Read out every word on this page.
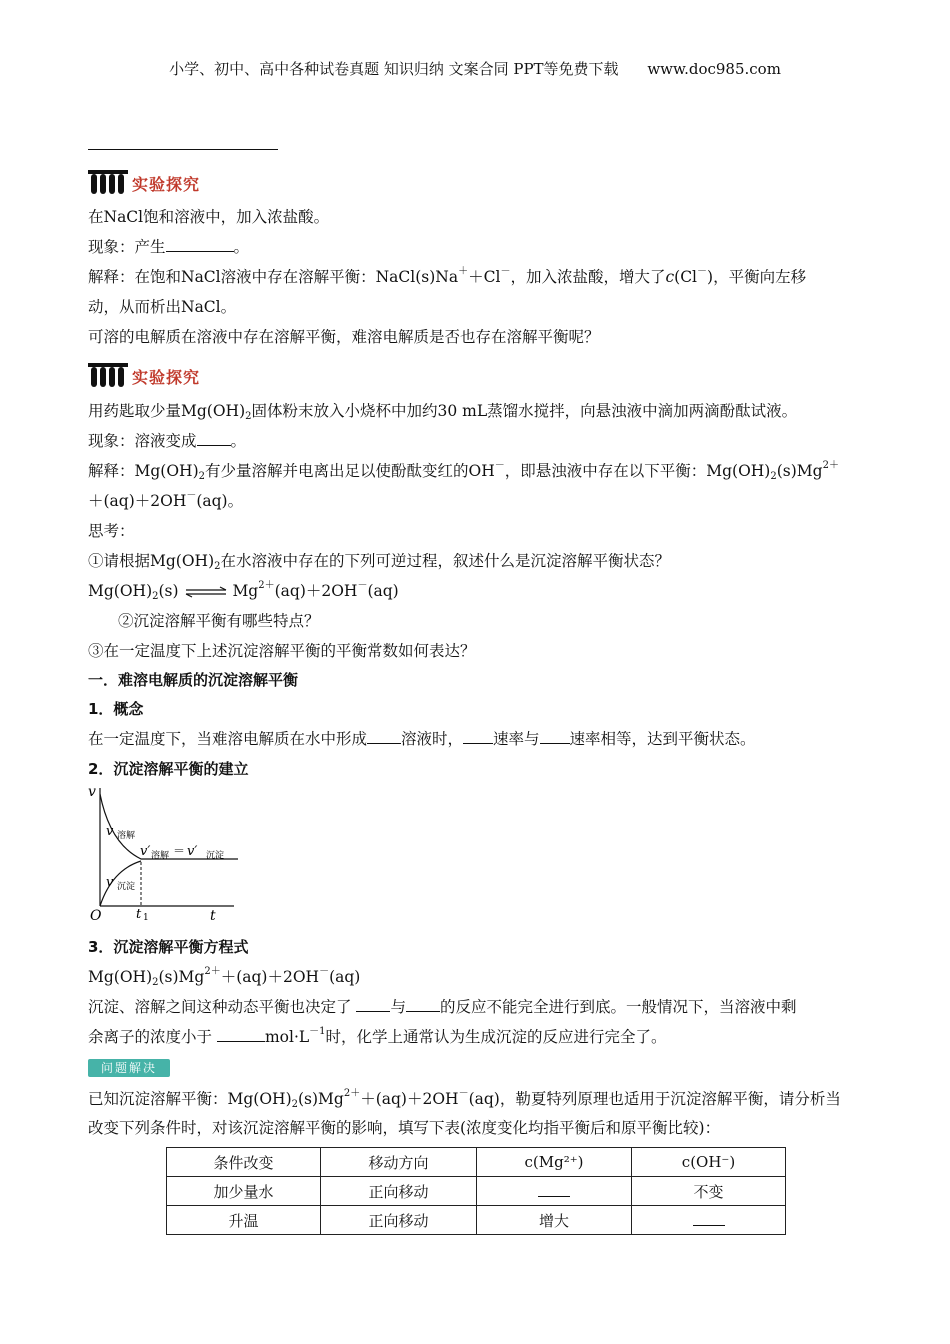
小学、初中、高中各种试卷真题 知识归纳 文案合同 PPT等免费下载 www.doc985.com
实验探究
在NaCl饱和溶液中，加入浓盐酸。
现象：产生	。
解释：在饱和NaCl溶液中存在溶解平衡：NaCl(s)Na＋＋Cl－，加入浓盐酸，增大了c(Cl－)，平衡向左移
动，从而析出NaCl。
可溶的电解质在溶液中存在溶解平衡，难溶电解质是否也存在溶解平衡呢？
实验探究
用药匙取少量$Mg(OH)_2$固体粉末放入小烧杯中加约30 mL蒸馏水搅拌，向悬浊液中滴加两滴酚酞试液。
现象：溶液变成 。
解释：$Mg(OH)_2$有少量溶解并电离出足以使酚酞变红的OH－，即悬浊液中存在以下平衡：$Mg(OH)_2(s)Mg^{2+}$
＋(aq)＋2OH－(aq)。
思考：
①请根据$Mg(OH)_2$在水溶液中存在的下列可逆过程，叙述什么是沉淀溶解平衡状态？
$Mg(OH)_2(s)$ ⇌ $Mg^{2+}(aq)+2OH^-(aq)$
②沉淀溶解平衡有哪些特点？
③在一定温度下上述沉淀溶解平衡的平衡常数如何表达？
一．难溶电解质的沉淀溶解平衡
1．概念
在一定温度下，当难溶电解质在水中形成 溶液时， 速率与 速率相等，达到平衡状态。
2．沉淀溶解平衡的建立
v
t
O	t 1
v 溶解
v 沉淀
v′ 溶解 ＝ v′ 沉淀
3．沉淀溶解平衡方程式
$Mg(OH)_2(s)Mg^{2+}+(aq)+2OH^-(aq)$
沉淀、溶解之间这种动态平衡也决定了	与 的反应不能完全进行到底。一般情况下，当溶液中剩
余离子的浓度小于	$mol\cdot L^{-1}$时，化学上通常认为生成沉淀的反应进行完全了。
问题解决
已知沉淀溶解平衡：$Mg(OH)_2(s)Mg^{2+}+(aq)+2OH^-(aq)$，勒夏特列原理也适用于沉淀溶解平衡，请分析当
改变下列条件时，对该沉淀溶解平衡的影响，填写下表(浓度变化均指平衡后和原平衡比较)：
条件改变	移动方向	c(Mg²⁺)	c(OH⁻)
加少量水	正向移动		不变
升温	正向移动	增大	
